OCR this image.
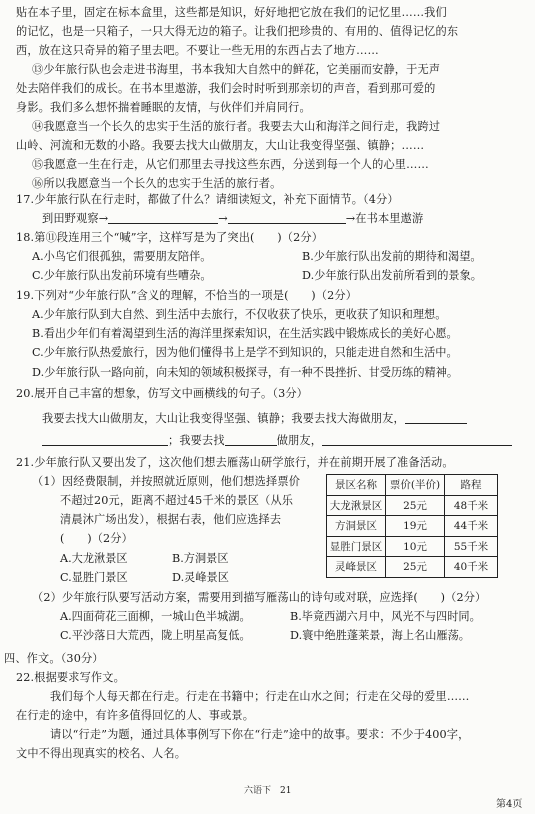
贴在本子里，固定在标本盒里，这些都是知识，好好地把它放在我们的记忆里……我们
的记忆，也是一只箱子，一只大得无边的箱子。让我们把珍贵的、有用的、值得记忆的东
西，放在这只奇异的箱子里去吧。不要让一些无用的东西占去了地方……
⑬少年旅行队也会走进书海里，书本我知大自然中的鲜花，它美丽而安静，于无声
处去陪伴我们的成长。在书本里遨游，我们会时时听到那亲切的声音，看到那可爱的
身影。我们多么想怀揣着睡眠的友情，与伙伴们并肩同行。
⑭我愿意当一个长久的忠实于生活的旅行者。我要去大山和海洋之间行走，我跨过
山岭、河流和无数的小路。我要去找大山做朋友，大山让我变得坚强、镇静；……
⑮我愿意一生在行走，从它们那里去寻找这些东西，分送到每一个人的心里……
⑯所以我愿意当一个长久的忠实于生活的旅行者。
17.少年旅行队在行走时，都做了什么？请细读短文，补充下面情节。（4分）
到田野观察→	→	→在书本里遨游
18.第⑪段连用三个“喊”字，这样写是为了突出(　　)（2分）
A.小鸟它们很孤独，需要朋友陪伴。	B.少年旅行队出发前的期待和渴望。
C.少年旅行队出发前环境有些嘈杂。	D.少年旅行队出发前所看到的景象。
19.下列对“少年旅行队”含义的理解，不恰当的一项是(　　)（2分）
A.少年旅行队到大自然、到生活中去旅行，不仅收获了快乐，更收获了知识和理想。
B.看出少年们有着渴望到生活的海洋里探索知识，在生活实践中锻炼成长的美好心愿。
C.少年旅行队热爱旅行，因为他们懂得书上是学不到知识的，只能走进自然和生活中。
D.少年旅行队一路向前，向未知的领域积极探寻，有一种不畏挫折、甘受历练的精神。
20.展开自己丰富的想象，仿写文中画横线的句子。（3分）
我要去找大山做朋友，大山让我变得坚强、镇静；我要去找大海做朋友，
；我要去找	做朋友，
21.少年旅行队又要出发了，这次他们想去雁荡山研学旅行，并在前期开展了准备活动。
（1）因经费限制，并按照就近原则，他们想选择票价
不超过20元，距离不超过45千米的景区（从乐
清晨沐广场出发），根据右表，他们应选择去
(　　)（2分）
A.大龙湫景区	B.方洞景区
C.显胜门景区	D.灵峰景区
景区名称	票价(半价)	路程
大龙湫景区	25元	48千米
方洞景区	19元	44千米
显胜门景区	10元	55千米
灵峰景区	25元	40千米
（2）少年旅行队要写活动方案，需要用到描写雁荡山的诗句或对联，应选择(　　)（2分）
A.四面荷花三面柳，一城山色半城湖。	B.毕竟西湖六月中，风光不与四时同。
C.平沙落日大荒西，陇上明星高复低。	D.寰中绝胜蓬莱景，海上名山雁荡。
四、作文。（30分）
22.根据要求写作文。
我们每个人每天都在行走。行走在书籍中；行走在山水之间；行走在父母的爱里……
在行走的途中，有许多值得回忆的人、事或景。
请以“行走”为题，通过具体事例写下你在“行走”途中的故事。要求：不少于400字，
文中不得出现真实的校名、人名。
六语下　21
第4页
